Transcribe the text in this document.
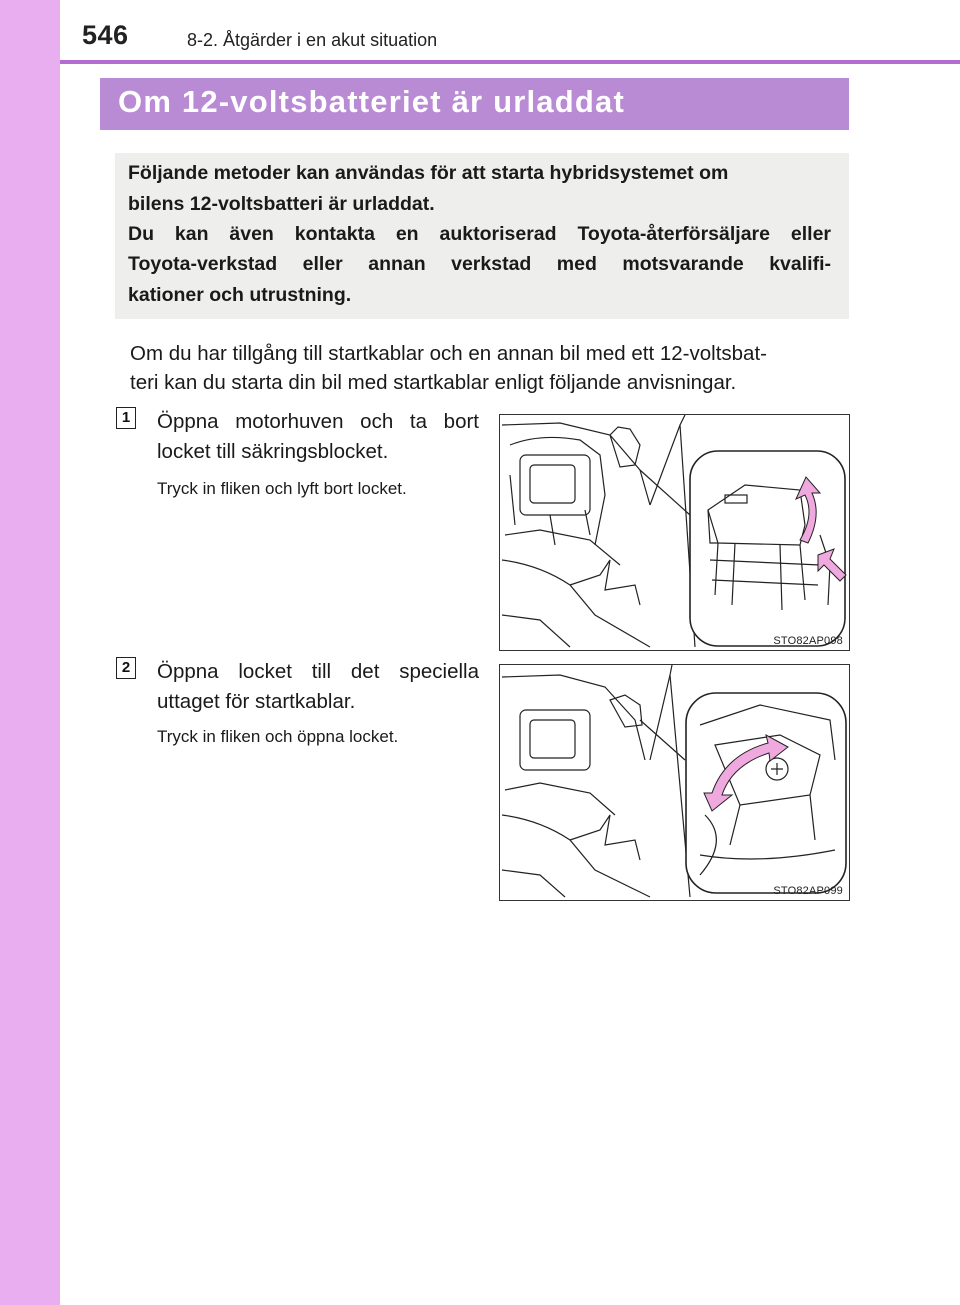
546	8-2. Åtgärder i en akut situation
Om 12-voltsbatteriet är urladdat
Följande metoder kan användas för att starta hybridsystemet om
bilens 12-voltsbatteri är urladdat.
Du kan även kontakta en auktoriserad Toyota-återförsäljare eller
Toyota-verkstad eller annan verkstad med motsvarande kvalifi-
kationer och utrustning.
Om du har tillgång till startkablar och en annan bil med ett 12-voltsbat-
teri kan du starta din bil med startkablar enligt följande anvisningar.
1 Öppna motorhuven och ta bort
locket till säkringsblocket.
Tryck in fliken och lyft bort locket.
STO82AP098
2 Öppna locket till det speciella
uttaget för startkablar.
Tryck in fliken och öppna locket.
STO82AP099
